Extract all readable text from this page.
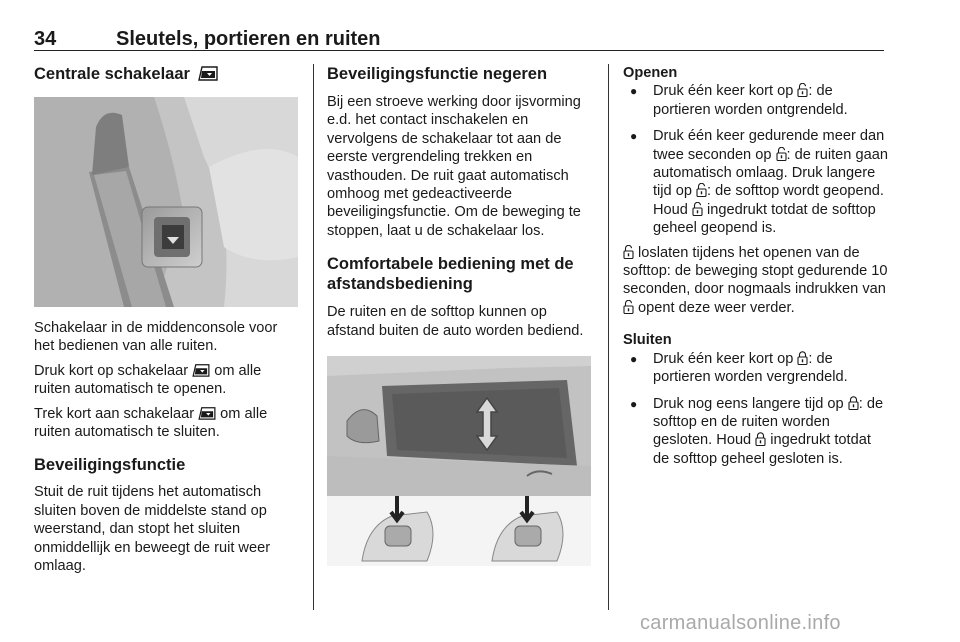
34	Sleutels, portieren en ruiten
Centrale schakelaar

Schakelaar in de middenconsole voor het bedienen van alle ruiten.

Druk kort op schakelaar  om alle ruiten automatisch te openen.

Trek kort aan schakelaar  om alle ruiten automatisch te sluiten.

Beveiligingsfunctie

Stuit de ruit tijdens het automatisch sluiten boven de middelste stand op weerstand, dan stopt het sluiten onmiddellijk en beweegt de ruit weer omlaag.

Beveiligingsfunctie negeren

Bij een stroeve werking door ijsvorming e.d. het contact inschakelen en vervolgens de schakelaar tot aan de eerste vergrendeling trekken en vasthouden. De ruit gaat automatisch omhoog met gedeactiveerde beveiligingsfunctie. Om de beweging te stoppen, laat u de schakelaar los.

Comfortabele bediening met de afstandsbediening

De ruiten en de softtop kunnen op afstand buiten de auto worden bediend.

Openen

● Druk één keer kort op : de portieren worden ontgrendeld.
● Druk één keer gedurende meer dan twee seconden op : de ruiten gaan automatisch omlaag. Druk langere tijd op : de softtop wordt geopend. Houd  ingedrukt totdat de softtop geheel geopend is.

loslaten tijdens het openen van de softtop: de beweging stopt gedurende 10 seconden, door nogmaals indrukken van  opent deze weer verder.

Sluiten

● Druk één keer kort op : de portieren worden vergrendeld.
● Druk nog eens langere tijd op : de softtop en de ruiten worden gesloten. Houd  ingedrukt totdat de softtop geheel gesloten is.
carmanualsonline.info
